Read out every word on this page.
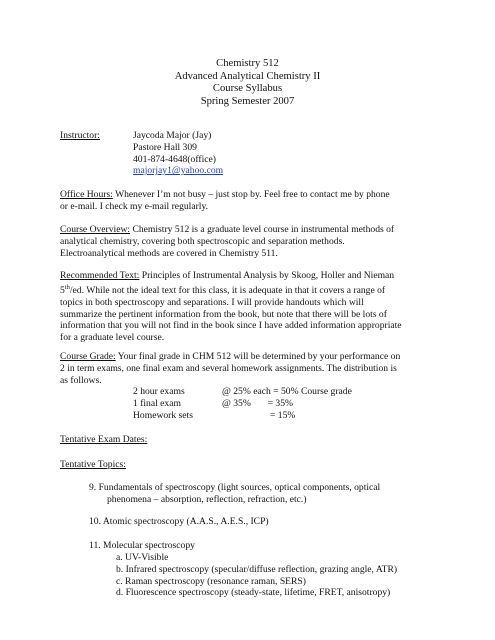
Chemistry 512
Advanced Analytical Chemistry II
Course Syllabus
Spring Semester 2007
Instructor:	Jaycoda Major (Jay)
Pastore Hall 309
401-874-4648(office)
majorjay1@yahoo.com
Office Hours: Whenever I’m not busy – just stop by. Feel free to contact me by phone
or e-mail. I check my e-mail regularly.
Course Overview: Chemistry 512 is a graduate level course in instrumental methods of
analytical chemistry, covering both spectroscopic and separation methods.
Electroanalytical methods are covered in Chemistry 511.
Recommended Text: Principles of Instrumental Analysis by Skoog, Holler and Nieman
5th/ed. While not the ideal text for this class, it is adequate in that it covers a range of
topics in both spectroscopy and separations. I will provide handouts which will
summarize the pertinent information from the book, but note that there will be lots of
information that you will not find in the book since I have added information appropriate
for a graduate level course.
Course Grade: Your final grade in CHM 512 will be determined by your performance on
2 in term exams, one final exam and several homework assignments. The distribution is
as follows.
2 hour exams	@ 25% each = 50% Course grade
1 final exam	@ 35%       = 35%
Homework sets	= 15%
Tentative Exam Dates:
Tentative Topics:
9. Fundamentals of spectroscopy (light sources, optical components, optical
phenomena – absorption, reflection, refraction, etc.)
10. Atomic spectroscopy (A.A.S., A.E.S., ICP)
11. Molecular spectroscopy
a. UV-Visible
b. Infrared spectroscopy (specular/diffuse reflection, grazing angle, ATR)
c. Raman spectroscopy (resonance raman, SERS)
d. Fluorescence spectroscopy (steady-state, lifetime, FRET, anisotropy)
